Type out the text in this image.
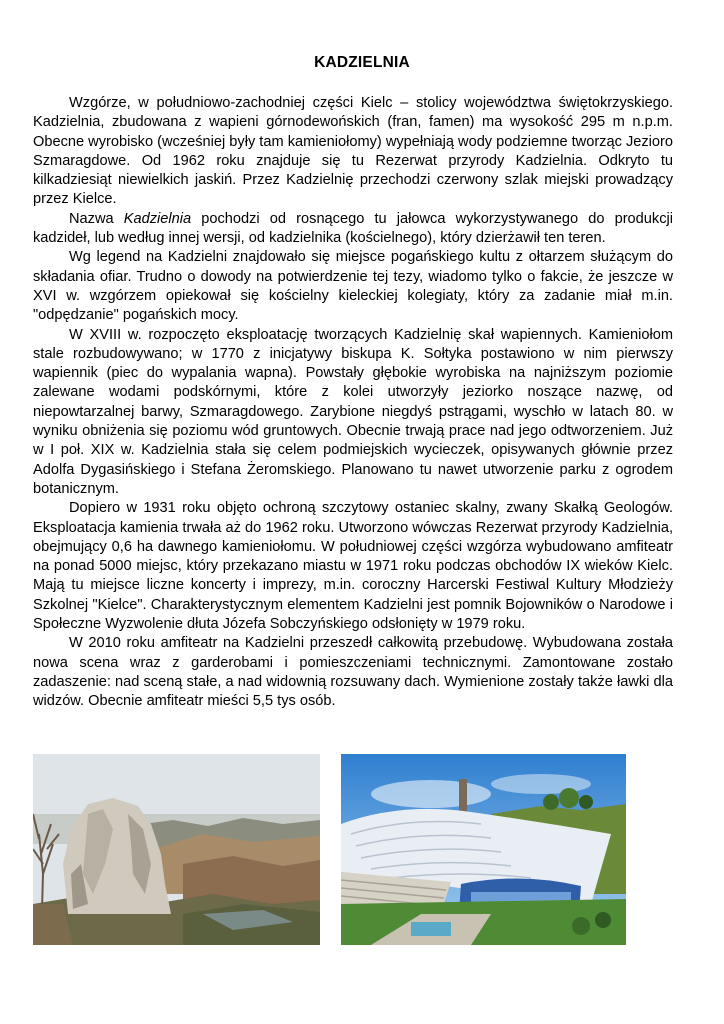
KADZIELNIA

Wzgórze, w południowo-zachodniej części Kielc – stolicy województwa świętokrzyskiego. Kadzielnia, zbudowana z wapieni górnodewońskich (fran, famen) ma wysokość 295 m n.p.m. Obecne wyrobisko (wcześniej były tam kamieniołomy) wypełniają wody podziemne tworząc Jezioro Szmaragdowe. Od 1962 roku znajduje się tu Rezerwat przyrody Kadzielnia. Odkryto tu kilkadziesiąt niewielkich jaskiń. Przez Kadzielnię przechodzi czerwony szlak miejski prowadzący przez Kielce.

Nazwa Kadzielnia pochodzi od rosnącego tu jałowca wykorzystywanego do produkcji kadzideł, lub według innej wersji, od kadzielnika (kościelnego), który dzierżawił ten teren.

Wg legend na Kadzielni znajdowało się miejsce pogańskiego kultu z ołtarzem służącym do składania ofiar. Trudno o dowody na potwierdzenie tej tezy, wiadomo tylko o fakcie, że jeszcze w XVI w. wzgórzem opiekował się kościelny kieleckiej kolegiaty, który za zadanie miał m.in. "odpędzanie" pogańskich mocy.

W XVIII w. rozpoczęto eksploatację tworzących Kadzielnię skał wapiennych. Kamieniołom stale rozbudowywano; w 1770 z inicjatywy biskupa K. Sołtyka postawiono w nim pierwszy wapiennik (piec do wypalania wapna). Powstały głębokie wyrobiska na najniższym poziomie zalewane wodami podskórnymi, które z kolei utworzyły jeziorko noszące nazwę, od niepowtarzalnej barwy, Szmaragdowego. Zarybione niegdyś pstrągami, wyschło w latach 80. w wyniku obniżenia się poziomu wód gruntowych. Obecnie trwają prace nad jego odtworzeniem. Już w I poł. XIX w. Kadzielnia stała się celem podmiejskich wycieczek, opisywanych głównie przez Adolfa Dygasińskiego i Stefana Żeromskiego. Planowano tu nawet utworzenie parku z ogrodem botanicznym.

Dopiero w 1931 roku objęto ochroną szczytowy ostaniec skalny, zwany Skałką Geologów. Eksploatacja kamienia trwała aż do 1962 roku. Utworzono wówczas Rezerwat przyrody Kadzielnia, obejmujący 0,6 ha dawnego kamieniołomu. W południowej części wzgórza wybudowano amfiteatr na ponad 5000 miejsc, który przekazano miastu w 1971 roku podczas obchodów IX wieków Kielc. Mają tu miejsce liczne koncerty i imprezy, m.in. coroczny Harcerski Festiwal Kultury Młodzieży Szkolnej "Kielce". Charakterystycznym elementem Kadzielni jest pomnik Bojowników o Narodowe i Społeczne Wyzwolenie dłuta Józefa Sobczyńskiego odsłonięty w 1979 roku.

W 2010 roku amfiteatr na Kadzielni przeszedł całkowitą przebudowę. Wybudowana została nowa scena wraz z garderobami i pomieszczeniami technicznymi. Zamontowane zostało zadaszenie: nad sceną stałe, a nad widownią rozsuwany dach. Wymienione zostały także ławki dla widzów. Obecnie amfiteatr mieści 5,5 tys osób.
